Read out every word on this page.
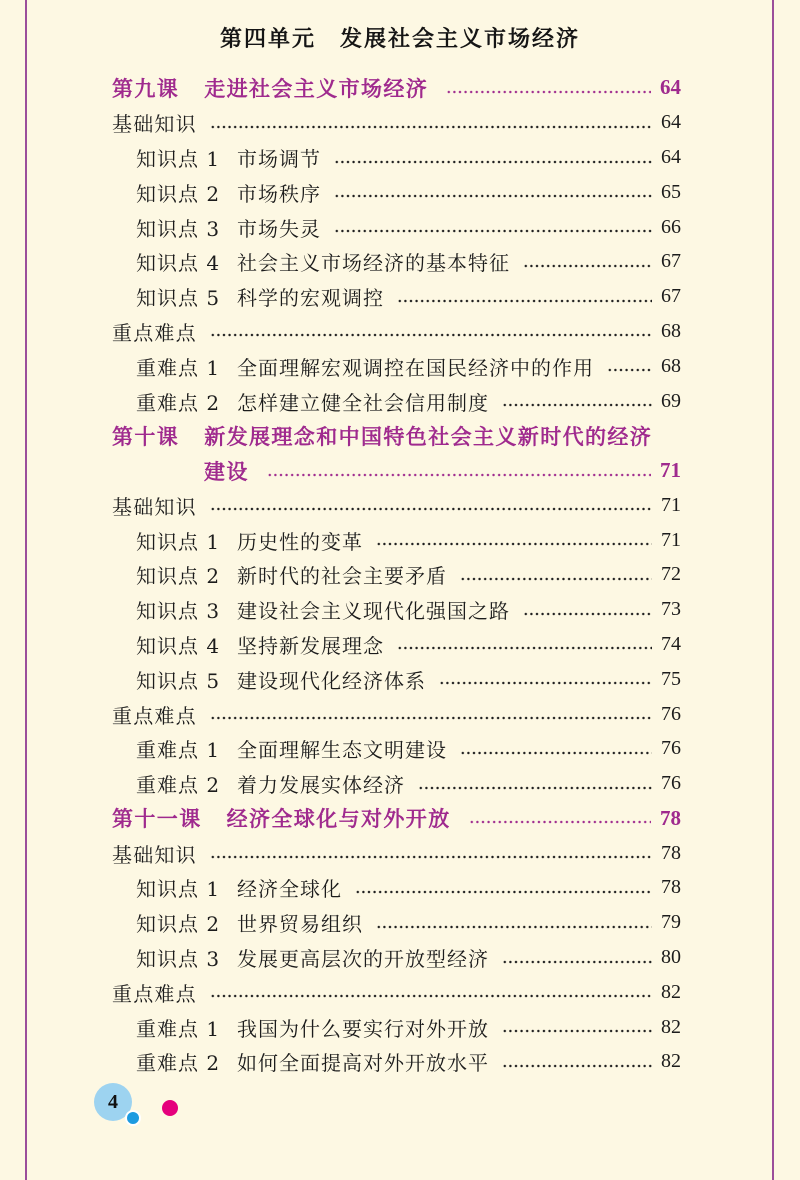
第四单元　发展社会主义市场经济
第九课 走进社会主义市场经济	64
基础知识	64
知识点 1 市场调节	64
知识点 2 市场秩序	65
知识点 3 市场失灵	66
知识点 4 社会主义市场经济的基本特征	67
知识点 5 科学的宏观调控	67
重点难点	68
重难点 1 全面理解宏观调控在国民经济中的作用	68
重难点 2 怎样建立健全社会信用制度	69
第十课 新发展理念和中国特色社会主义新时代的经济
建设	71
基础知识	71
知识点 1 历史性的变革	71
知识点 2 新时代的社会主要矛盾	72
知识点 3 建设社会主义现代化强国之路	73
知识点 4 坚持新发展理念	74
知识点 5 建设现代化经济体系	75
重点难点	76
重难点 1 全面理解生态文明建设	76
重难点 2 着力发展实体经济	76
第十一课 经济全球化与对外开放	78
基础知识	78
知识点 1 经济全球化	78
知识点 2 世界贸易组织	79
知识点 3 发展更高层次的开放型经济	80
重点难点	82
重难点 1 我国为什么要实行对外开放	82
重难点 2 如何全面提高对外开放水平	82
4
